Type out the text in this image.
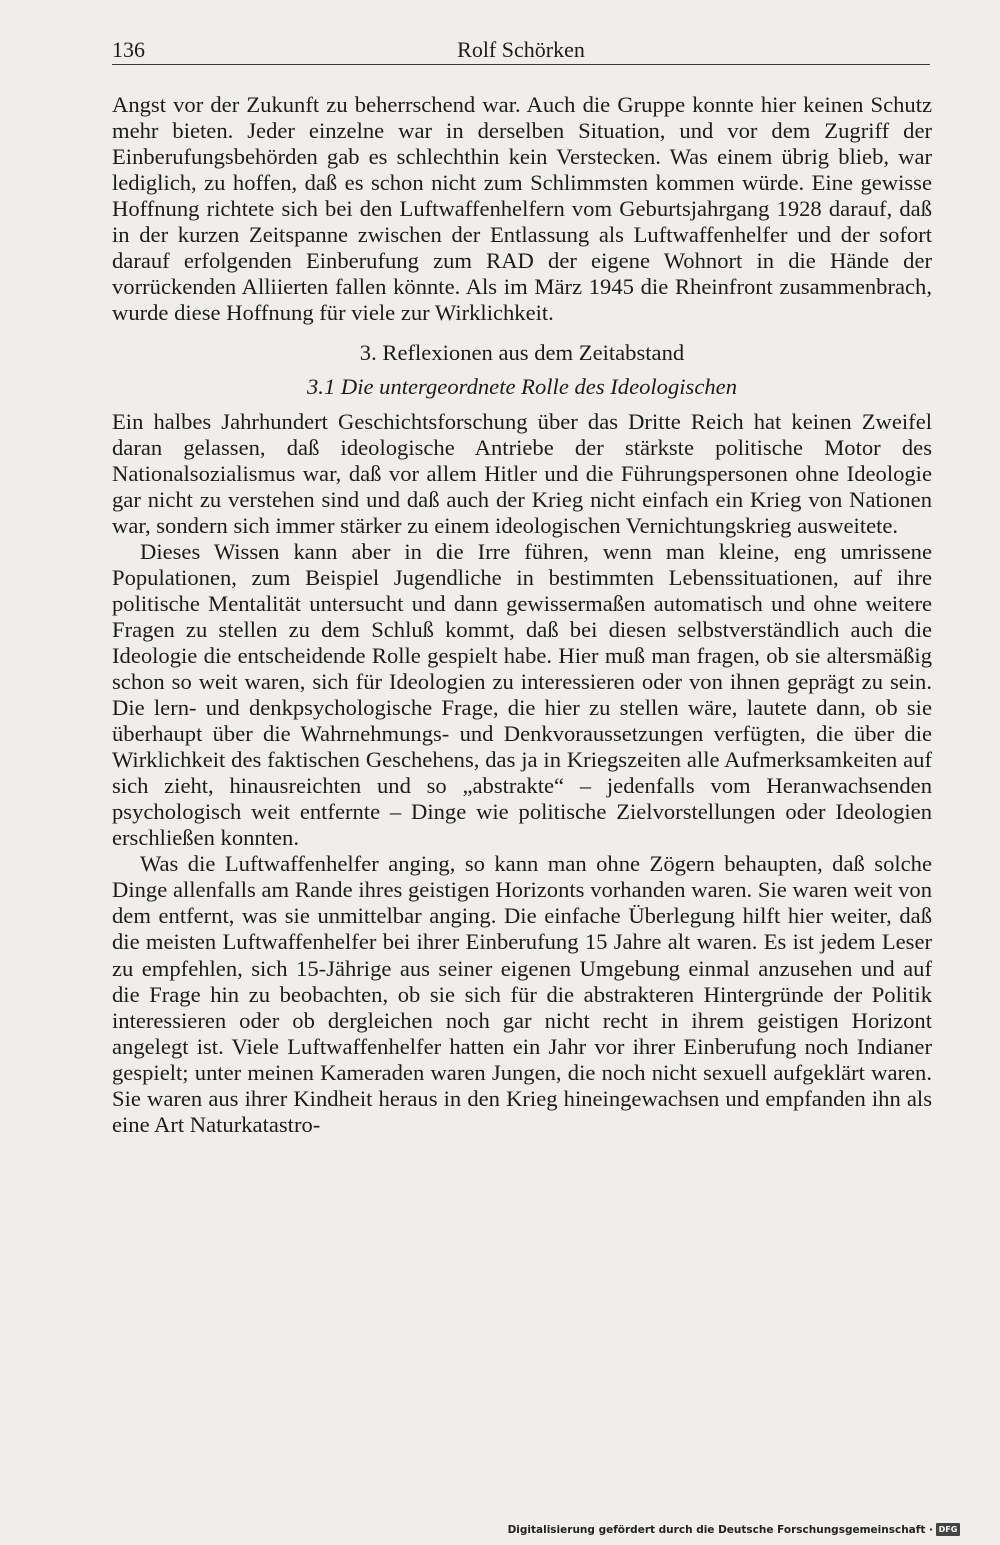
136	Rolf Schörken

Angst vor der Zukunft zu beherrschend war. Auch die Gruppe konnte hier keinen Schutz mehr bieten. Jeder einzelne war in derselben Situation, und vor dem Zugriff der Einberufungsbehörden gab es schlechthin kein Verstecken. Was einem übrig blieb, war lediglich, zu hoffen, daß es schon nicht zum Schlimmsten kommen würde. Eine gewisse Hoffnung richtete sich bei den Luftwaffenhelfern vom Geburtsjahrgang 1928 darauf, daß in der kurzen Zeitspanne zwischen der Entlassung als Luftwaffenhelfer und der sofort darauf erfolgenden Einberufung zum RAD der eigene Wohnort in die Hände der vorrückenden Alliierten fallen könnte. Als im März 1945 die Rheinfront zusammenbrach, wurde diese Hoffnung für viele zur Wirklichkeit.

3. Reflexionen aus dem Zeitabstand
3.1 Die untergeordnete Rolle des Ideologischen

Ein halbes Jahrhundert Geschichtsforschung über das Dritte Reich hat keinen Zweifel daran gelassen, daß ideologische Antriebe der stärkste politische Motor des Nationalsozialismus war, daß vor allem Hitler und die Führungspersonen ohne Ideologie gar nicht zu verstehen sind und daß auch der Krieg nicht einfach ein Krieg von Nationen war, sondern sich immer stärker zu einem ideologischen Vernichtungskrieg ausweitete.

Dieses Wissen kann aber in die Irre führen, wenn man kleine, eng umrissene Populationen, zum Beispiel Jugendliche in bestimmten Lebenssituationen, auf ihre politische Mentalität untersucht und dann gewissermaßen automatisch und ohne weitere Fragen zu stellen zu dem Schluß kommt, daß bei diesen selbstverständlich auch die Ideologie die entscheidende Rolle gespielt habe. Hier muß man fragen, ob sie altersmäßig schon so weit waren, sich für Ideologien zu interessieren oder von ihnen geprägt zu sein. Die lern- und denkpsychologische Frage, die hier zu stellen wäre, lautete dann, ob sie überhaupt über die Wahrnehmungs- und Denkvoraussetzungen verfügten, die über die Wirklichkeit des faktischen Geschehens, das ja in Kriegszeiten alle Aufmerksamkeiten auf sich zieht, hinausreichten und so „abstrakte“ – jedenfalls vom Heranwachsenden psychologisch weit entfernte – Dinge wie politische Zielvorstellungen oder Ideologien erschließen konnten.

Was die Luftwaffenhelfer anging, so kann man ohne Zögern behaupten, daß solche Dinge allenfalls am Rande ihres geistigen Horizonts vorhanden waren. Sie waren weit von dem entfernt, was sie unmittelbar anging. Die einfache Überlegung hilft hier weiter, daß die meisten Luftwaffenhelfer bei ihrer Einberufung 15 Jahre alt waren. Es ist jedem Leser zu empfehlen, sich 15-Jährige aus seiner eigenen Umgebung einmal anzusehen und auf die Frage hin zu beobachten, ob sie sich für die abstrakteren Hintergründe der Politik interessieren oder ob dergleichen noch gar nicht recht in ihrem geistigen Horizont angelegt ist. Viele Luftwaffenhelfer hatten ein Jahr vor ihrer Einberufung noch Indianer gespielt; unter meinen Kameraden waren Jungen, die noch nicht sexuell aufgeklärt waren. Sie waren aus ihrer Kindheit heraus in den Krieg hineingewachsen und empfanden ihn als eine Art Naturkatastro-

Digitalisierung gefördert durch die Deutsche Forschungsgemeinschaft · DFG
